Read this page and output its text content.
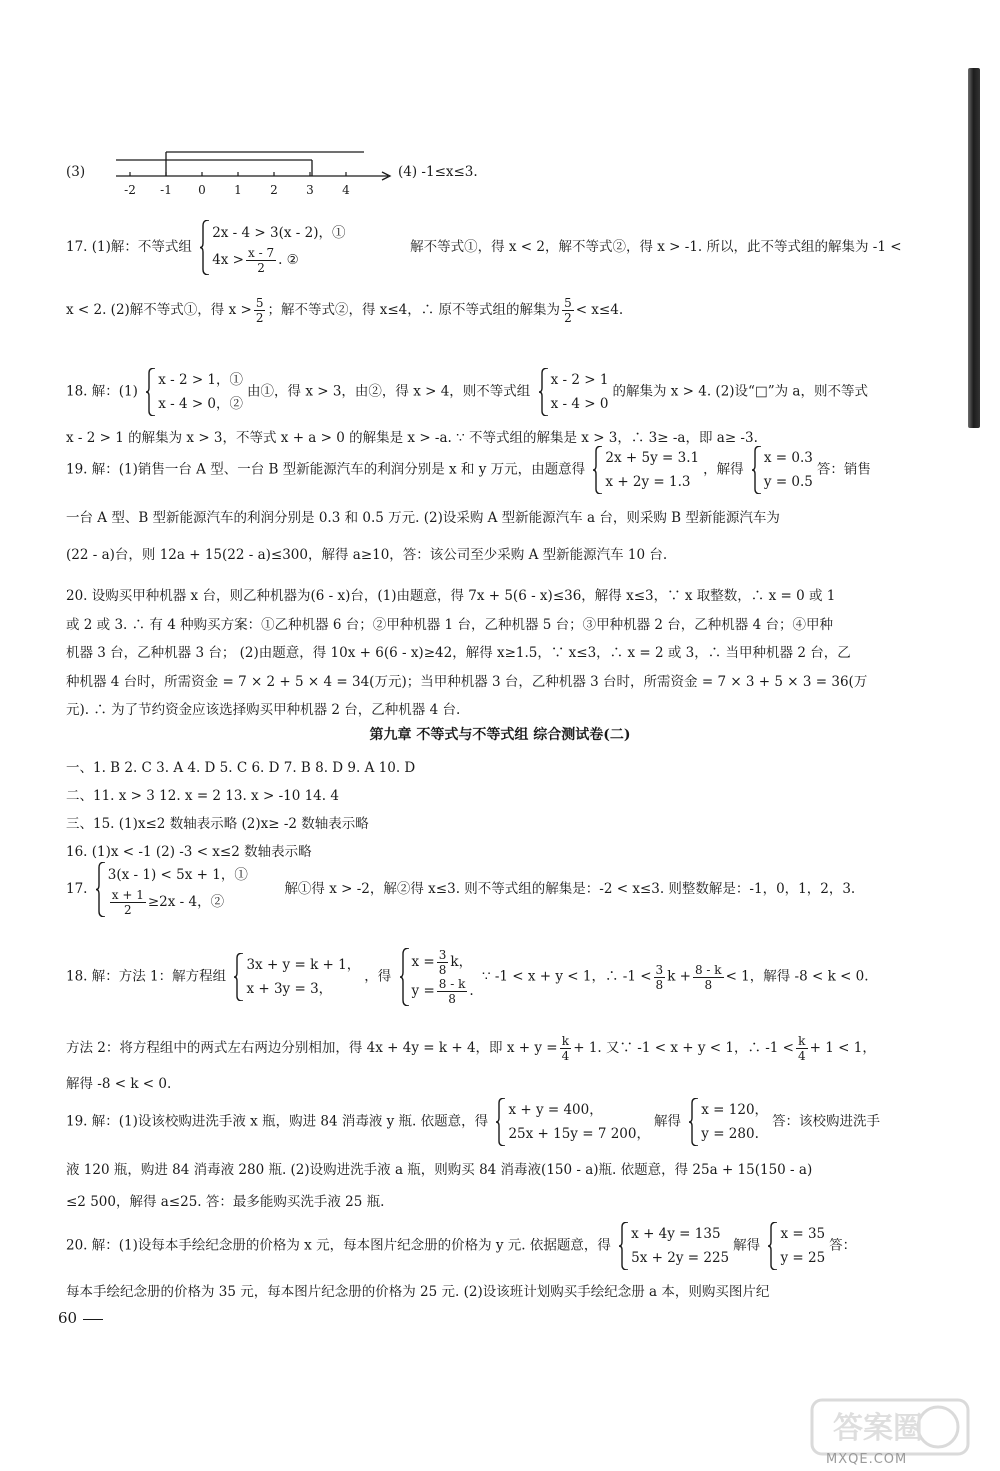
(3)
-2 -1 0 1 2 3 4
(4) -1≤x≤3.
17. (1)解：不等式组
2x - 4 > 3(x - 2)，①
$4x > \frac{x - 7}{2}$ . ②
解不等式①，得 x < 2，解不等式②，得 x > -1. 所以，此不等式组的解集为 -1 <
x < 2. (2)解不等式①，得 $x > \frac{5}{2}$ ；解不等式②，得 x≤4，∴ 原不等式组的解集为 $\frac{5}{2} < x\le 4$.
18. 解：(1)
x - 2 > 1，①
x - 4 > 0，②
由①，得 x > 3，由②，得 x > 4，则不等式组
x - 2 > 1
x - 4 > 0
的解集为 x > 4. (2)设“□”为 a，则不等式
x - 2 > 1 的解集为 x > 3，不等式 x + a > 0 的解集是 x > -a. ∵ 不等式组的解集是 x > 3，∴ 3≥ -a，即 a≥ -3.
19. 解：(1)销售一台 A 型、一台 B 型新能源汽车的利润分别是 x 和 y 万元，由题意得
2x + 5y = 3.1
x + 2y = 1.3
，解得
x = 0.3
y = 0.5
答：销售
一台 A 型、B 型新能源汽车的利润分别是 0.3 和 0.5 万元. (2)设采购 A 型新能源汽车 a 台，则采购 B 型新能源汽车为
(22 - a)台，则 12a + 15(22 - a)≤300，解得 a≥10，答：该公司至少采购 A 型新能源汽车 10 台.
20. 设购买甲种机器 x 台，则乙种机器为(6 - x)台，(1)由题意，得 7x + 5(6 - x)≤36，解得 x≤3，∵ x 取整数，∴ x = 0 或 1
或 2 或 3. ∴ 有 4 种购买方案：①乙种机器 6 台；②甲种机器 1 台，乙种机器 5 台；③甲种机器 2 台，乙种机器 4 台；④甲种
机器 3 台，乙种机器 3 台； (2)由题意，得 10x + 6(6 - x)≥42，解得 x≥1.5，∵ x≤3，∴ x = 2 或 3，∴ 当甲种机器 2 台，乙
种机器 4 台时，所需资金 = 7 × 2 + 5 × 4 = 34(万元)；当甲种机器 3 台，乙种机器 3 台时，所需资金 = 7 × 3 + 5 × 3 = 36(万
元). ∴ 为了节约资金应该选择购买甲种机器 2 台，乙种机器 4 台.
第九章 不等式与不等式组 综合测试卷(二)
一、1. B 2. C 3. A 4. D 5. C 6. D 7. B 8. D 9. A 10. D
二、11. x > 3 12. x = 2 13. x > -10 14. 4
三、15. (1)x≤2 数轴表示略 (2)x≥ -2 数轴表示略
16. (1)x < -1 (2) -3 < x≤2 数轴表示略
17.
3(x - 1) < 5x + 1，①
$\frac{x + 1}{2} \ge 2x - 4$，②
解①得 x > -2，解②得 x≤3. 则不等式组的解集是：-2 < x≤3. 则整数解是：-1，0，1，2，3.
18. 解：方法 1：解方程组
3x + y = k + 1，
x + 3y = 3，
，得
$x = \frac{3}{8}$ k，
$y = \frac{8 - k}{8}$ .
∵ -1 < x + y < 1，∴ $-1 < \frac{3}{8}$ $k + \frac{8 - k}{8} < 1$，解得 -8 < k < 0.
方法 2：将方程组中的两式左右两边分别相加，得 4x + 4y = k + 4，即 $x + y = \frac{k}{4} + 1$. 又∵ -1 < x + y < 1，∴ $-1 < \frac{k}{4} + 1 < 1$，
解得 -8 < k < 0.
19. 解：(1)设该校购进洗手液 x 瓶，购进 84 消毒液 y 瓶. 依题意，得
x + y = 400，
25x + 15y = 7 200，
解得
x = 120，
y = 280.
答：该校购进洗手
液 120 瓶，购进 84 消毒液 280 瓶. (2)设购进洗手液 a 瓶，则购买 84 消毒液(150 - a)瓶. 依题意，得 25a + 15(150 - a)
≤2 500，解得 a≤25. 答：最多能购买洗手液 25 瓶.
20. 解：(1)设每本手绘纪念册的价格为 x 元，每本图片纪念册的价格为 y 元. 依据题意，得
x + 4y = 135
5x + 2y = 225
解得
x = 35
y = 25
答：
每本手绘纪念册的价格为 35 元，每本图片纪念册的价格为 25 元. (2)设该班计划购买手绘纪念册 a 本，则购买图片纪
60
答案圈
MXQE.COM
